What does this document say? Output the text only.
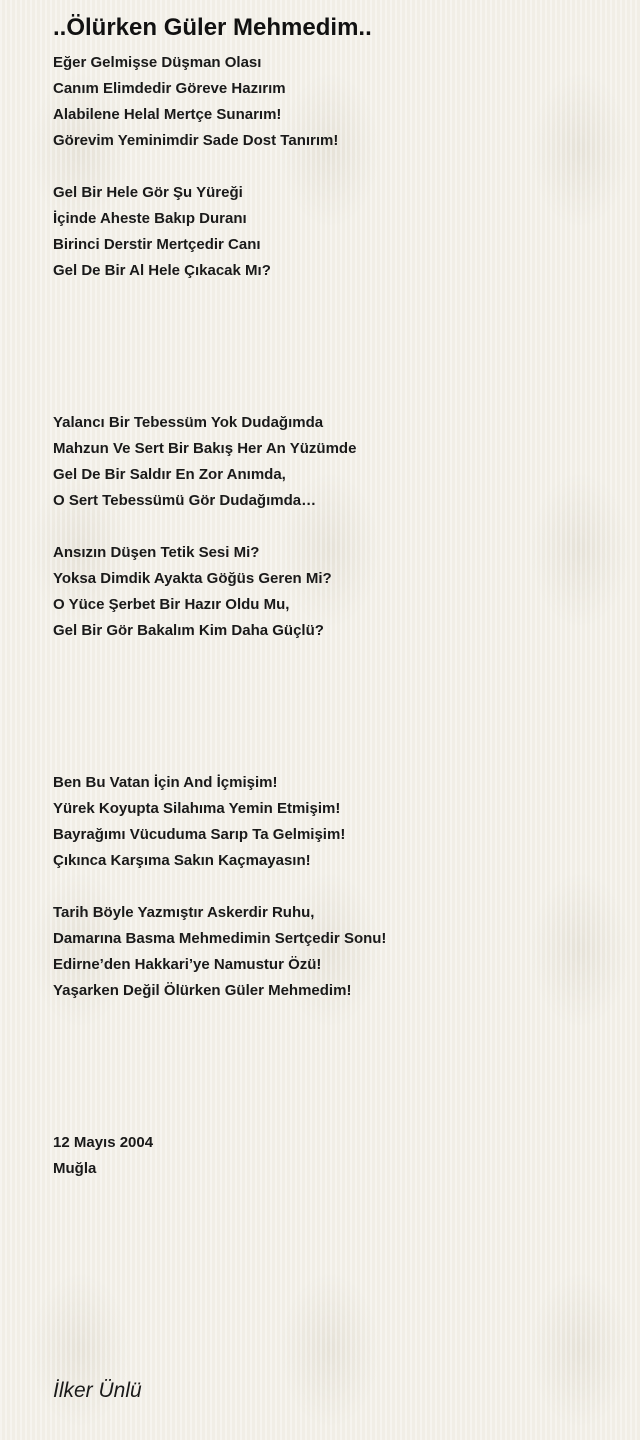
..Ölürken Güler Mehmedim..
Eğer Gelmişse Düşman Olası
Canım Elimdedir Göreve Hazırım
Alabilene Helal Mertçe Sunarım!
Görevim Yeminimdir Sade Dost Tanırım!
Gel Bir Hele Gör Şu Yüreği
İçinde Aheste Bakıp Duranı
Birinci Derstir Mertçedir Canı
Gel De Bir Al Hele Çıkacak Mı?
Yalancı Bir Tebessüm Yok Dudağımda
Mahzun Ve Sert Bir Bakış Her An Yüzümde
Gel De Bir Saldır En Zor Anımda,
O Sert Tebessümü Gör Dudağımda…
Ansızın Düşen Tetik Sesi Mi?
Yoksa Dimdik Ayakta Göğüs Geren Mi?
O Yüce Şerbet Bir Hazır Oldu Mu,
Gel Bir Gör Bakalım Kim Daha Güçlü?
Ben Bu Vatan İçin And İçmişim!
Yürek Koyupta Silahıma Yemin Etmişim!
Bayrağımı Vücuduma Sarıp Ta Gelmişim!
Çıkınca Karşıma Sakın Kaçmayasın!
Tarih Böyle Yazmıştır Askerdir Ruhu,
Damarına Basma Mehmedimin Sertçedir Sonu!
Edirne’den Hakkari’ye Namustur Özü!
Yaşarken Değil Ölürken Güler Mehmedim!
12 Mayıs 2004
Muğla
İlker Ünlü
